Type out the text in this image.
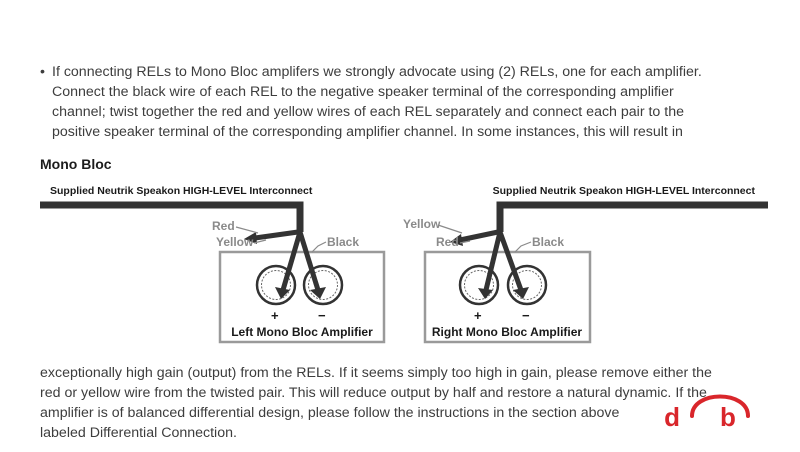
• If connecting RELs to Mono Bloc amplifers we strongly advocate using (2) RELs, one for each amplifier.
Connect the black wire of each REL to the negative speaker terminal of the corresponding amplifier
channel; twist together the red and yellow wires of each REL separately and connect each pair to the
positive speaker terminal of the corresponding amplifier channel. In some instances, this will result in
Mono Bloc
Supplied Neutrik Speakon HIGH-LEVEL Interconnect
Red
Yellow	Black
+	−
Left Mono Bloc Amplifier
Supplied Neutrik Speakon HIGH-LEVEL Interconnect
Yellow
Red	Black
+	−
Right Mono Bloc Amplifier
exceptionally high gain (output) from the RELs. If it seems simply too high in gain, please remove either the
red or yellow wire from the twisted pair. This will reduce output by half and restore a natural dynamic. If the
amplifier is of balanced differential design, please follow the instructions in the section above
labeled Differential Connection.
db
